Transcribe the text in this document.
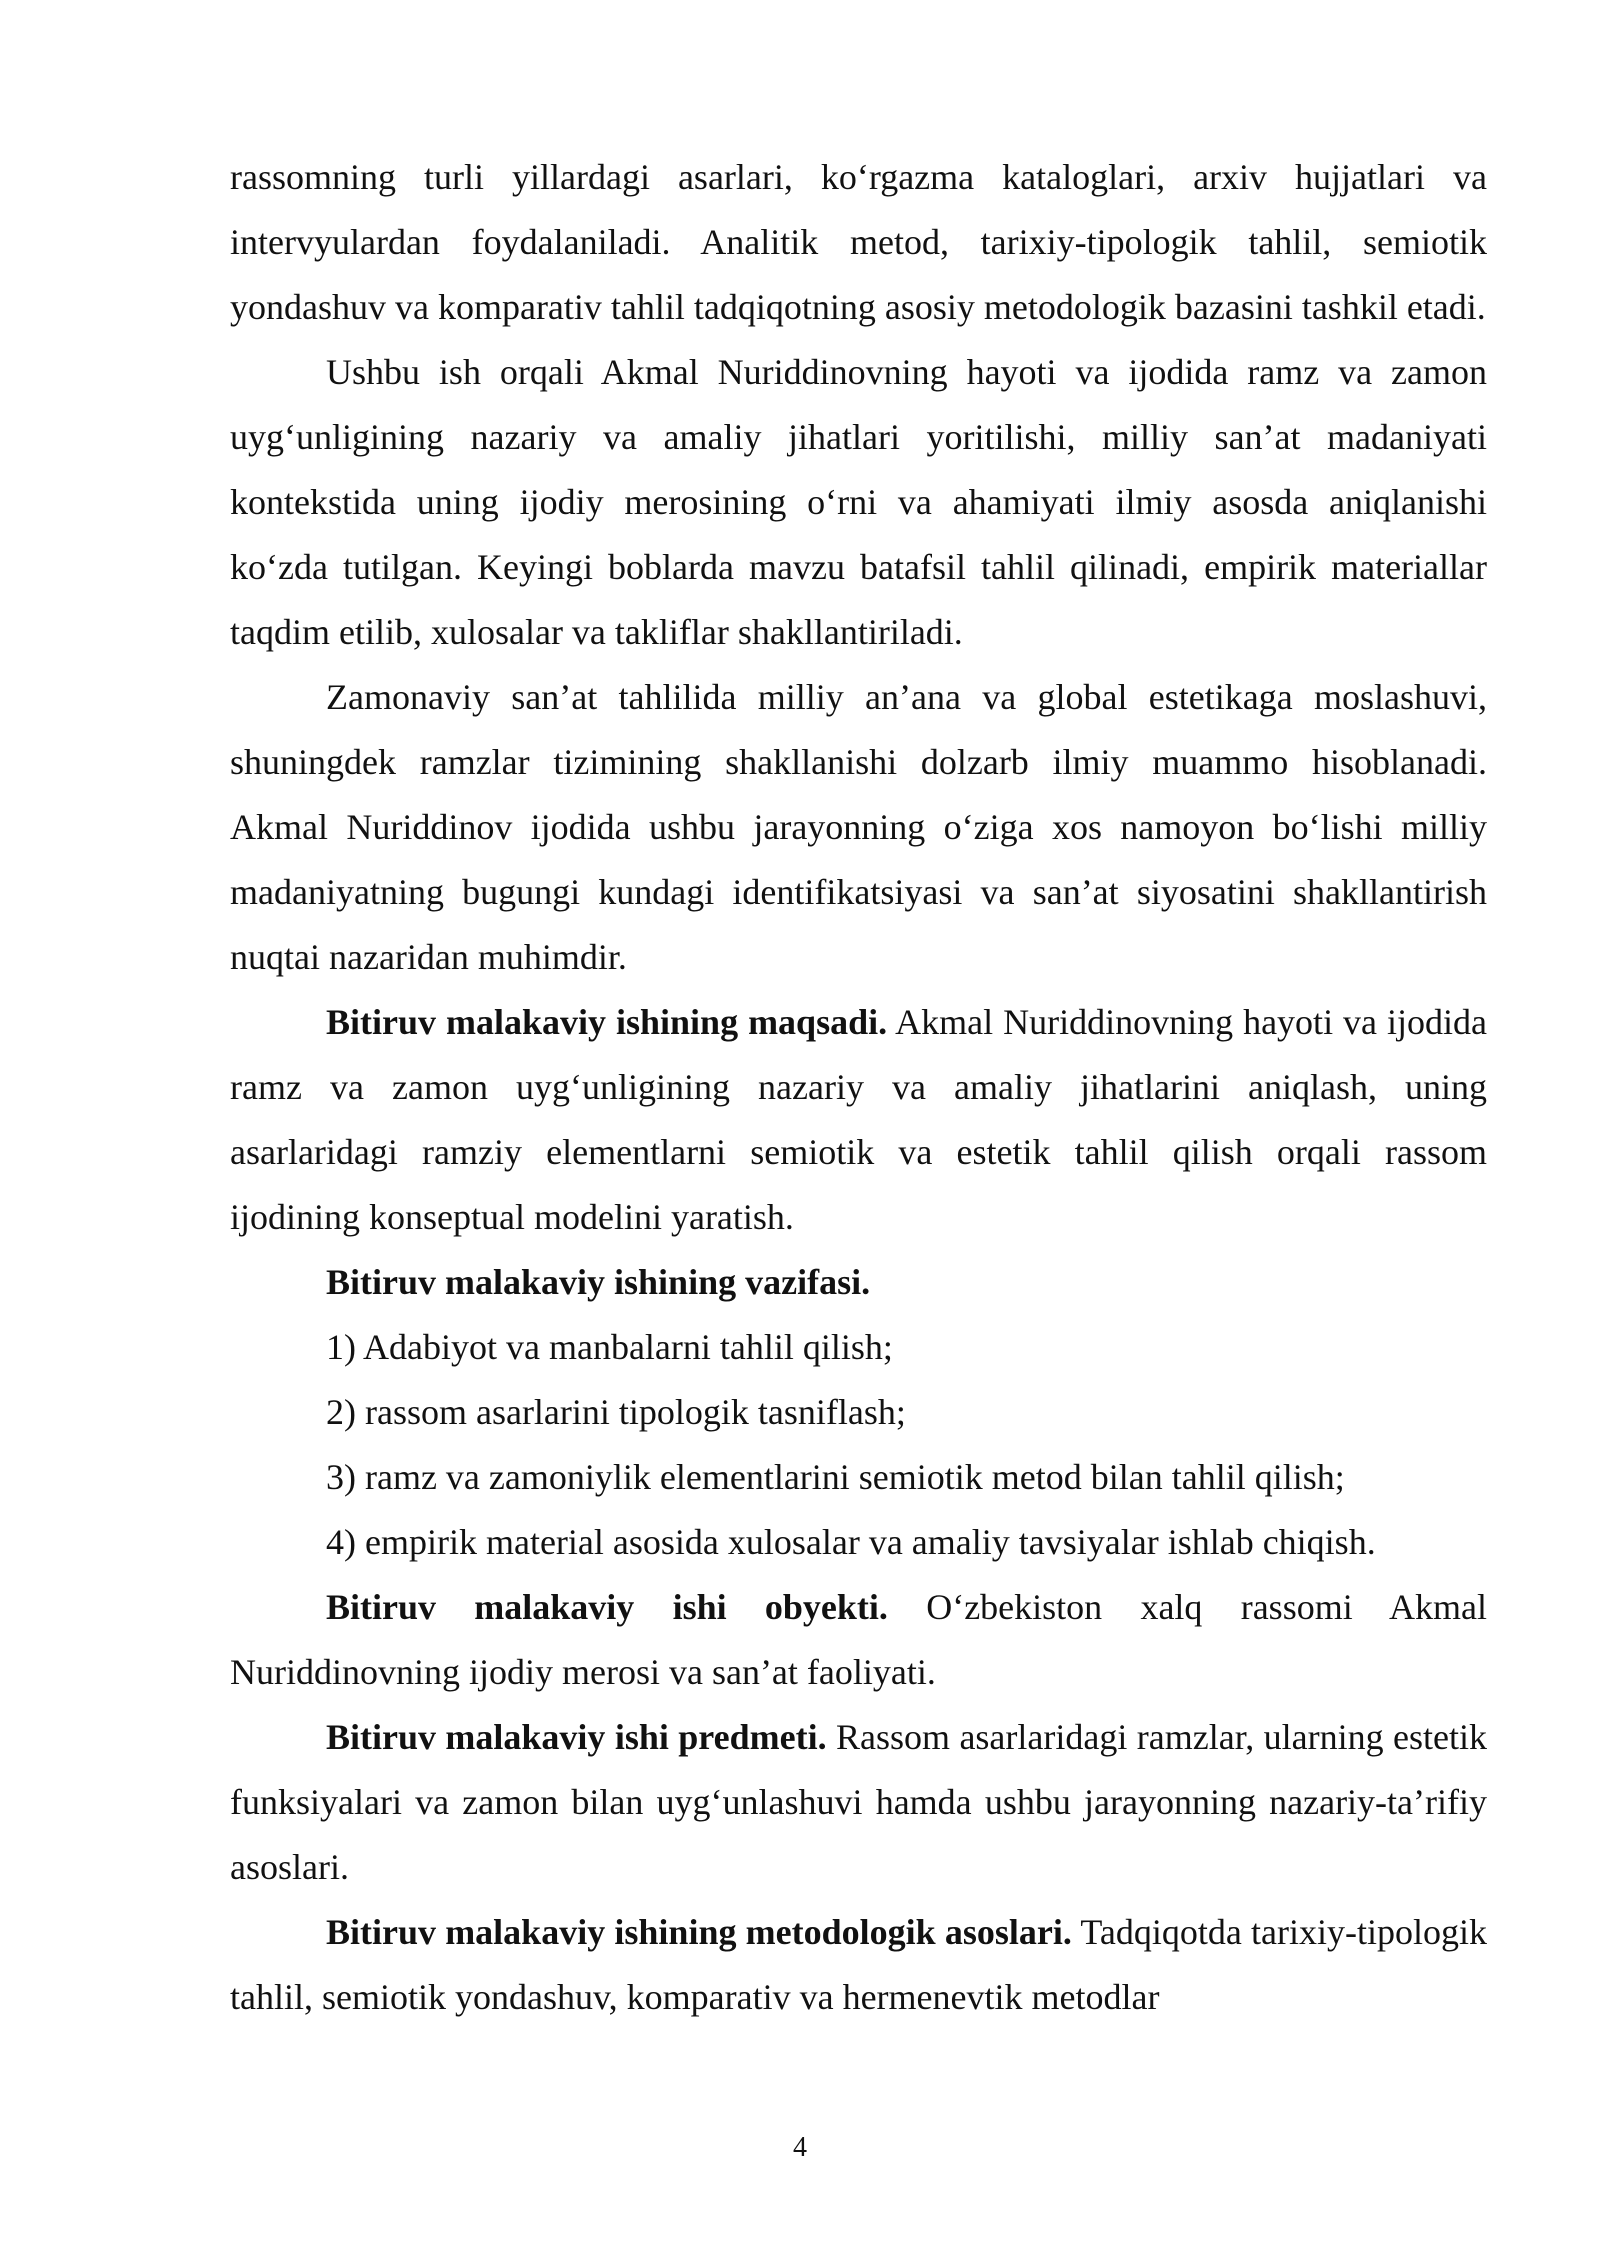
rassomning turli yillardagi asarlari, ko‘rgazma kataloglari, arxiv hujjatlari va intervyulardan foydalaniladi. Analitik metod, tarixiy-tipologik tahlil, semiotik yondashuv va komparativ tahlil tadqiqotning asosiy metodologik bazasini tashkil etadi.

Ushbu ish orqali Akmal Nuriddinovning hayoti va ijodida ramz va zamon uyg‘unligining nazariy va amaliy jihatlari yoritilishi, milliy san’at madaniyati kontekstida uning ijodiy merosining o‘rni va ahamiyati ilmiy asosda aniqlanishi ko‘zda tutilgan. Keyingi boblarda mavzu batafsil tahlil qilinadi, empirik materiallar taqdim etilib, xulosalar va takliflar shakllantiriladi.

Zamonaviy san’at tahlilida milliy an’ana va global estetikaga moslashuvi, shuningdek ramzlar tizimining shakllanishi dolzarb ilmiy muammo hisoblanadi. Akmal Nuriddinov ijodida ushbu jarayonning o‘ziga xos namoyon bo‘lishi milliy madaniyatning bugungi kundagi identifikatsiyasi va san’at siyosatini shakllantirish nuqtai nazaridan muhimdir.

Bitiruv malakaviy ishining maqsadi. Akmal Nuriddinovning hayoti va ijodida ramz va zamon uyg‘unligining nazariy va amaliy jihatlarini aniqlash, uning asarlaridagi ramziy elementlarni semiotik va estetik tahlil qilish orqali rassom ijodining konseptual modelini yaratish.

Bitiruv malakaviy ishining vazifasi.

1) Adabiyot va manbalarni tahlil qilish;

2) rassom asarlarini tipologik tasniflash;

3) ramz va zamoniylik elementlarini semiotik metod bilan tahlil qilish;

4) empirik material asosida xulosalar va amaliy tavsiyalar ishlab chiqish.

Bitiruv malakaviy ishi obyekti. O‘zbekiston xalq rassomi Akmal Nuriddinovning ijodiy merosi va san’at faoliyati.

Bitiruv malakaviy ishi predmeti. Rassom asarlaridagi ramzlar, ularning estetik funksiyalari va zamon bilan uyg‘unlashuvi hamda ushbu jarayonning nazariy-ta’rifiy asoslari.

Bitiruv malakaviy ishining metodologik asoslari. Tadqiqotda tarixiy-tipologik tahlil, semiotik yondashuv, komparativ va hermenevtik metodlar

4
